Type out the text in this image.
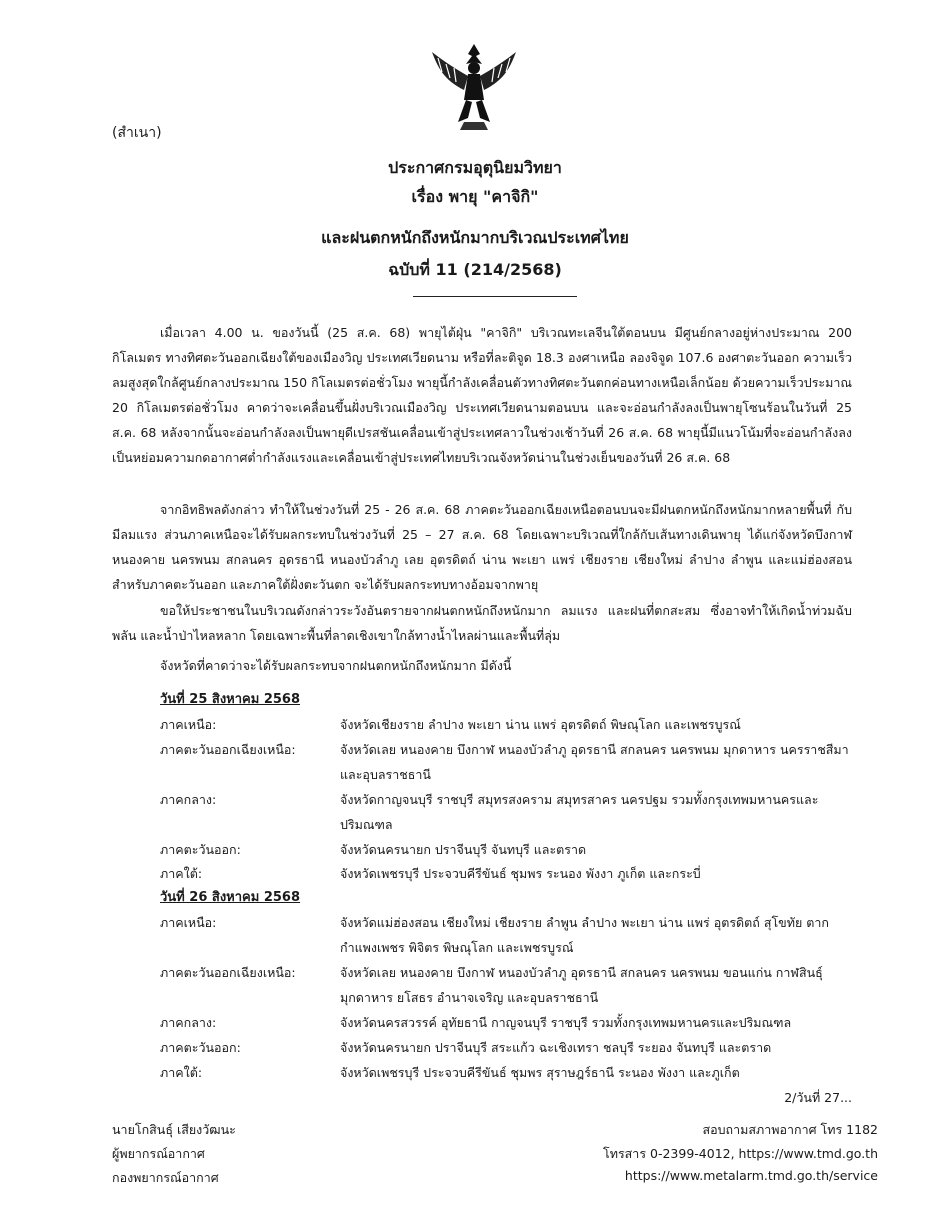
(สำเนา)
ประกาศกรมอุตุนิยมวิทยา
เรื่อง พายุ "คาจิกิ"
และฝนตกหนักถึงหนักมากบริเวณประเทศไทย
ฉบับที่ 11 (214/2568)

เมื่อเวลา 4.00 น. ของวันนี้ (25 ส.ค. 68) พายุไต้ฝุ่น "คาจิกิ" บริเวณทะเลจีนใต้ตอนบน มีศูนย์กลางอยู่ห่างประมาณ 200 กิโลเมตร ทางทิศตะวันออกเฉียงใต้ของเมืองวิญ ประเทศเวียดนาม หรือที่ละติจูด 18.3 องศาเหนือ ลองจิจูด 107.6 องศาตะวันออก ความเร็วลมสูงสุดใกล้ศูนย์กลางประมาณ 150 กิโลเมตรต่อชั่วโมง พายุนี้กำลังเคลื่อนตัวทางทิศตะวันตกค่อนทางเหนือเล็กน้อย ด้วยความเร็วประมาณ 20 กิโลเมตรต่อชั่วโมง คาดว่าจะเคลื่อนขึ้นฝั่งบริเวณเมืองวิญ ประเทศเวียดนามตอนบน และจะอ่อนกำลังลงเป็นพายุโซนร้อนในวันที่ 25 ส.ค. 68 หลังจากนั้นจะอ่อนกำลังลงเป็นพายุดีเปรสชันเคลื่อนเข้าสู่ประเทศลาวในช่วงเช้าวันที่ 26 ส.ค. 68 พายุนี้มีแนวโน้มที่จะอ่อนกำลังลงเป็นหย่อมความกดอากาศต่ำกำลังแรงและเคลื่อนเข้าสู่ประเทศไทยบริเวณจังหวัดน่านในช่วงเย็นของวันที่ 26 ส.ค. 68

จากอิทธิพลดังกล่าว ทำให้ในช่วงวันที่ 25 - 26 ส.ค. 68 ภาคตะวันออกเฉียงเหนือตอนบนจะมีฝนตกหนักถึงหนักมากหลายพื้นที่ กับมีลมแรง ส่วนภาคเหนือจะได้รับผลกระทบในช่วงวันที่ 25 – 27 ส.ค. 68 โดยเฉพาะบริเวณที่ใกล้กับเส้นทางเดินพายุ ได้แก่จังหวัดบึงกาฬ หนองคาย นครพนม สกลนคร อุดรธานี หนองบัวลำภู เลย อุตรดิตถ์ น่าน พะเยา แพร่ เชียงราย เชียงใหม่ ลำปาง ลำพูน และแม่ฮ่องสอน สำหรับภาคตะวันออก และภาคใต้ฝั่งตะวันตก จะได้รับผลกระทบทางอ้อมจากพายุ

ขอให้ประชาชนในบริเวณดังกล่าวระวังอันตรายจากฝนตกหนักถึงหนักมาก ลมแรง และฝนที่ตกสะสม ซึ่งอาจทำให้เกิดน้ำท่วมฉับพลัน และน้ำป่าไหลหลาก โดยเฉพาะพื้นที่ลาดเชิงเขาใกล้ทางน้ำไหลผ่านและพื้นที่ลุ่ม

จังหวัดที่คาดว่าจะได้รับผลกระทบจากฝนตกหนักถึงหนักมาก มีดังนี้
วันที่ 25 สิงหาคม 2568
ภาคเหนือ:	จังหวัดเชียงราย ลำปาง พะเยา น่าน แพร่ อุตรดิตถ์ พิษณุโลก และเพชรบูรณ์
ภาคตะวันออกเฉียงเหนือ:	จังหวัดเลย หนองคาย บึงกาฬ หนองบัวลำภู อุดรธานี สกลนคร นครพนม มุกดาหาร นครราชสีมา และอุบลราชธานี
ภาคกลาง:	จังหวัดกาญจนบุรี ราชบุรี สมุทรสงคราม สมุทรสาคร นครปฐม รวมทั้งกรุงเทพมหานครและปริมณฑล
ภาคตะวันออก:	จังหวัดนครนายก ปราจีนบุรี จันทบุรี และตราด
ภาคใต้:	จังหวัดเพชรบุรี ประจวบคีรีขันธ์ ชุมพร ระนอง พังงา ภูเก็ต และกระบี่
วันที่ 26 สิงหาคม 2568
ภาคเหนือ:	จังหวัดแม่ฮ่องสอน เชียงใหม่ เชียงราย ลำพูน ลำปาง พะเยา น่าน แพร่ อุตรดิตถ์ สุโขทัย ตาก กำแพงเพชร พิจิตร พิษณุโลก และเพชรบูรณ์
ภาคตะวันออกเฉียงเหนือ:	จังหวัดเลย หนองคาย บึงกาฬ หนองบัวลำภู อุดรธานี สกลนคร นครพนม ขอนแก่น กาฬสินธุ์ มุกดาหาร ยโสธร อำนาจเจริญ และอุบลราชธานี
ภาคกลาง:	จังหวัดนครสวรรค์ อุทัยธานี กาญจนบุรี ราชบุรี รวมทั้งกรุงเทพมหานครและปริมณฑล
ภาคตะวันออก:	จังหวัดนครนายก ปราจีนบุรี สระแก้ว ฉะเชิงเทรา ชลบุรี ระยอง จันทบุรี และตราด
ภาคใต้:	จังหวัดเพชรบุรี ประจวบคีรีขันธ์ ชุมพร สุราษฎร์ธานี ระนอง พังงา และภูเก็ต
2/วันที่ 27...
นายโกสินธุ์ เสียงวัฒนะ
ผู้พยากรณ์อากาศ
กองพยากรณ์อากาศ
สอบถามสภาพอากาศ โทร 1182
โทรสาร 0-2399-4012, https://www.tmd.go.th
https://www.metalarm.tmd.go.th/service
